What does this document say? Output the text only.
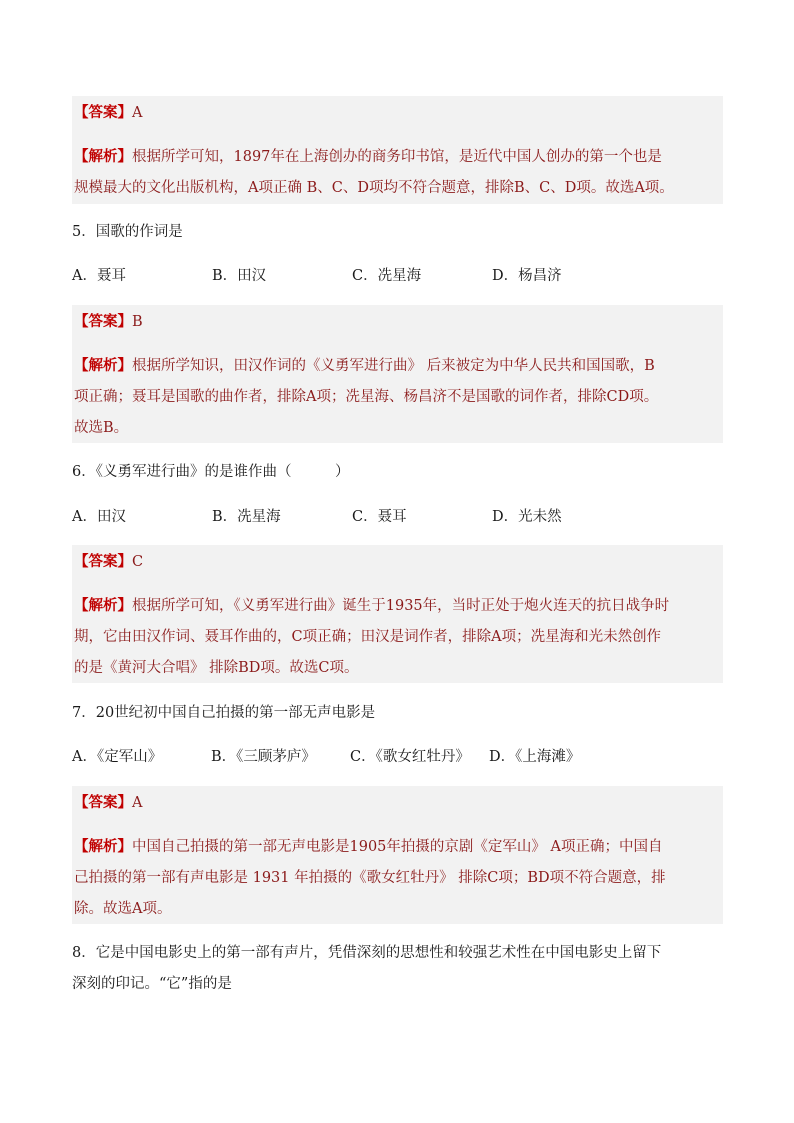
【答案】A
【解析】根据所学可知，1897年在上海创办的商务印书馆，是近代中国人创办的第一个也是
规模最大的文化出版机构，A项正确 B、C、D项均不符合题意，排除B、C、D项。故选A项。
5．国歌的作词是
A．聂耳	B．田汉	C．冼星海	D．杨昌济
【答案】B
【解析】根据所学知识，田汉作词的《义勇军进行曲》 后来被定为中华人民共和国国歌，B
项正确；聂耳是国歌的曲作者，排除A项；冼星海、杨昌济不是国歌的词作者，排除CD项。
故选B。
6．《义勇军进行曲》的是谁作曲（　　　）
A．田汉	B．冼星海	C．聂耳	D．光未然
【答案】C
【解析】根据所学可知，《义勇军进行曲》诞生于1935年，当时正处于炮火连天的抗日战争时
期，它由田汉作词、聂耳作曲的，C项正确；田汉是词作者，排除A项；冼星海和光未然创作
的是《黄河大合唱》 排除BD项。故选C项。
7．20世纪初中国自己拍摄的第一部无声电影是
A．《定军山》	B．《三顾茅庐》	C．《歌女红牡丹》	D．《上海滩》
【答案】A
【解析】中国自己拍摄的第一部无声电影是1905年拍摄的京剧《定军山》 A项正确；中国自
己拍摄的第一部有声电影是 1931 年拍摄的《歌女红牡丹》 排除C项；BD项不符合题意，排
除。故选A项。
8．它是中国电影史上的第一部有声片，凭借深刻的思想性和较强艺术性在中国电影史上留下
深刻的印记。“它”指的是
